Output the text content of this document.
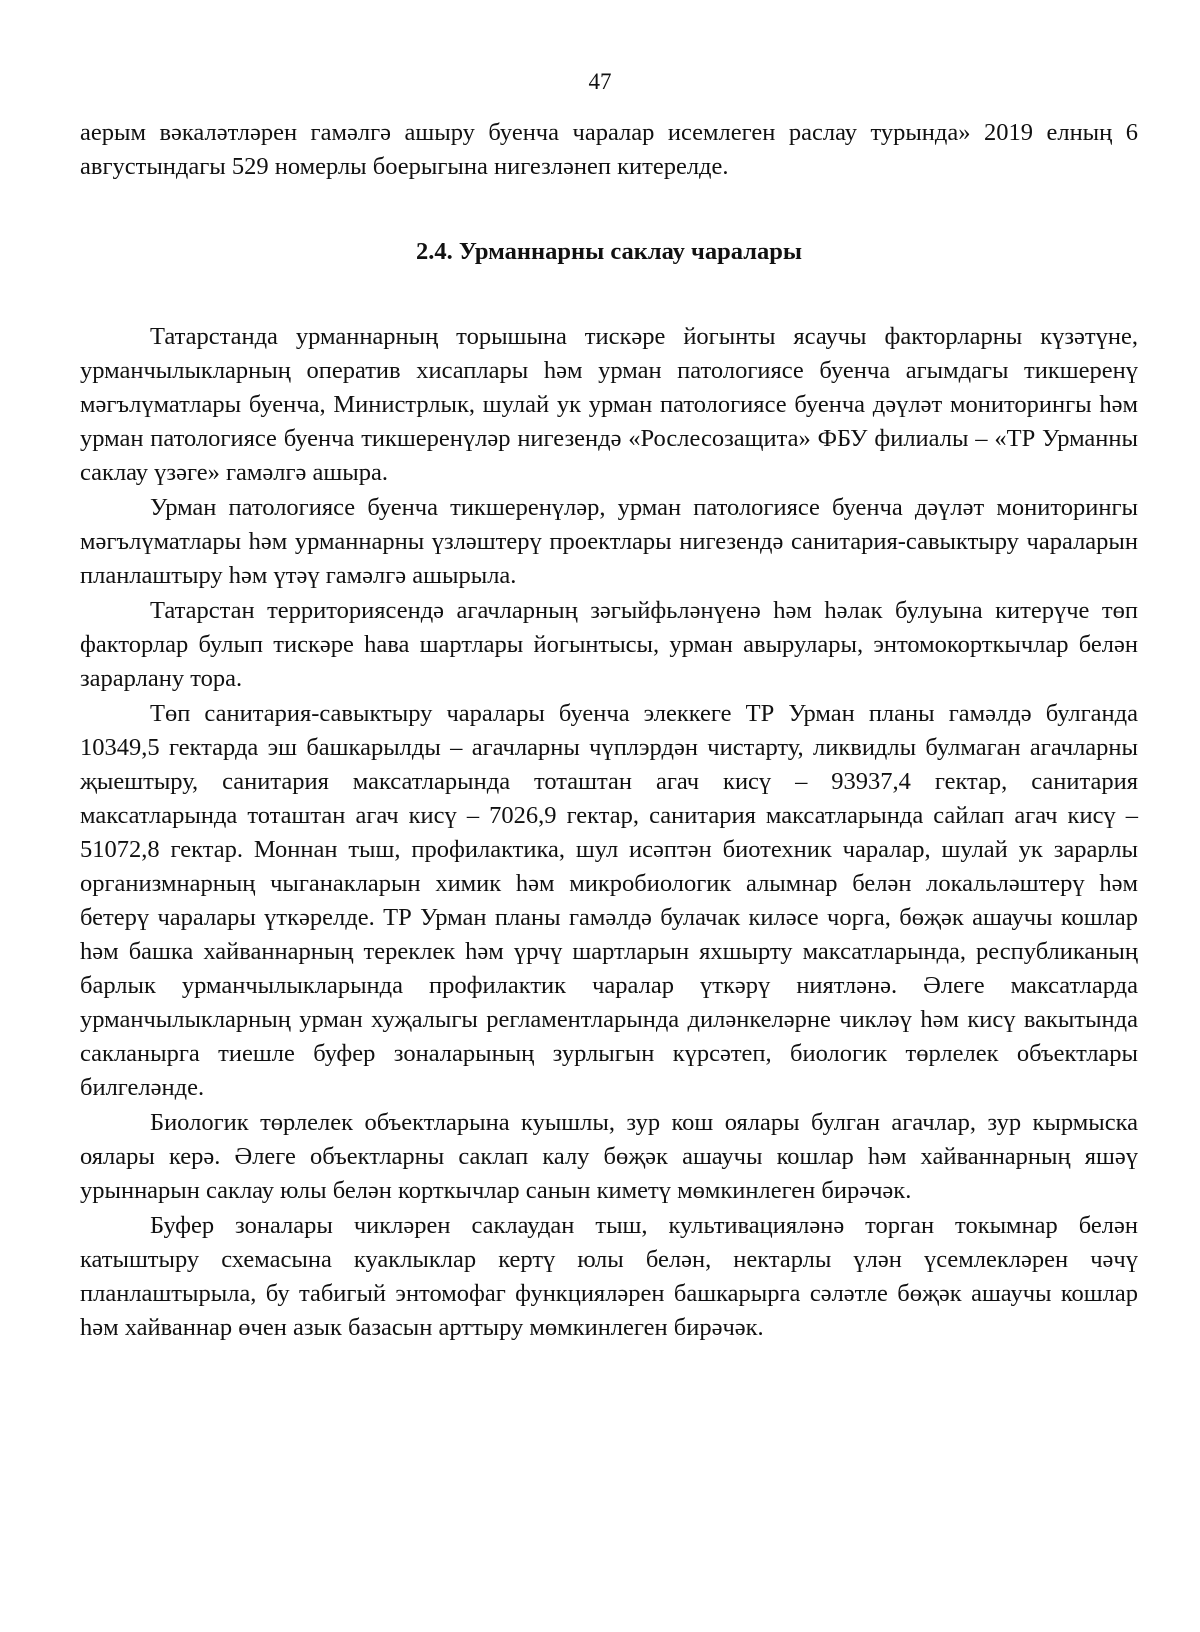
47

аерым вәкаләтләрен гамәлгә ашыру буенча чаралар исемлеген раслау турында» 2019 елның 6 августындагы 529 номерлы боерыгына нигезләнеп китерелде.

2.4. Урманнарны саклау чаралары

Татарстанда урманнарның торышына тискәре йогынты ясаучы факторларны күзәтүне, урманчылыкларның оператив хисаплары һәм урман патологиясе буенча агымдагы тикшеренү мәгълүматлары буенча, Министрлык, шулай ук урман патологиясе буенча дәүләт мониторингы һәм урман патологиясе буенча тикшеренүләр нигезендә «Рослесозащита» ФБУ филиалы – «ТР Урманны саклау үзәге» гамәлгә ашыра.

Урман патологиясе буенча тикшеренүләр, урман патологиясе буенча дәүләт мониторингы мәгълүматлары һәм урманнарны үзләштерү проектлары нигезендә санитария-савыктыру чараларын планлаштыру һәм үтәү гамәлгә ашырыла.

Татарстан территориясендә агачларның зәгыйфьләнүенә һәм һәлак булуына китерүче төп факторлар булып тискәре һава шартлары йогынтысы, урман авырулары, энтомокорткычлар белән зарарлану тора.

Төп санитария-савыктыру чаралары буенча элеккеге ТР Урман планы гамәлдә булганда 10349,5 гектарда эш башкарылды – агачларны чүплэрдән чистарту, ликвидлы булмаган агачларны җыештыру, санитария максатларында тоташтан агач кисү – 93937,4 гектар, санитария максатларында тоташтан агач кисү – 7026,9 гектар, санитария максатларында сайлап агач кисү – 51072,8 гектар. Моннан тыш, профилактика, шул исәптән биотехник чаралар, шулай ук зарарлы организмнарның чыганакларын химик һәм микробиологик алымнар белән локальләштерү һәм бетерү чаралары үткәрелде. ТР Урман планы гамәлдә булачак киләсе чорга, бөҗәк ашаучы кошлар һәм башка хайваннарның тереклек һәм үрчү шартларын яхшырту максатларында, республиканың барлык урманчылыкларында профилактик чаралар үткәрү ниятләнә. Әлеге максатларда урманчылыкларның урман хуҗалыгы регламентларында диләнкеләрне чикләү һәм кисү вакытында сакланырга тиешле буфер зоналарының зурлыгын күрсәтеп, биологик төрлелек объектлары билгеләнде.

Биологик төрлелек объектларына куышлы, зур кош оялары булган агачлар, зур кырмыска оялары керә. Әлеге объектларны саклап калу бөҗәк ашаучы кошлар һәм хайваннарның яшәү урыннарын саклау юлы белән корткычлар санын киметү мөмкинлеген бирәчәк.

Буфер зоналары чикләрен саклаудан тыш, культивацияләнә торган токымнар белән катыштыру схемасына куаклыклар кертү юлы белән, нектарлы үлән үсемлекләрен чәчү планлаштырыла, бу табигый энтомофаг функцияләрен башкарырга сәләтле бөҗәк ашаучы кошлар һәм хайваннар өчен азык базасын арттыру мөмкинлеген бирәчәк.
